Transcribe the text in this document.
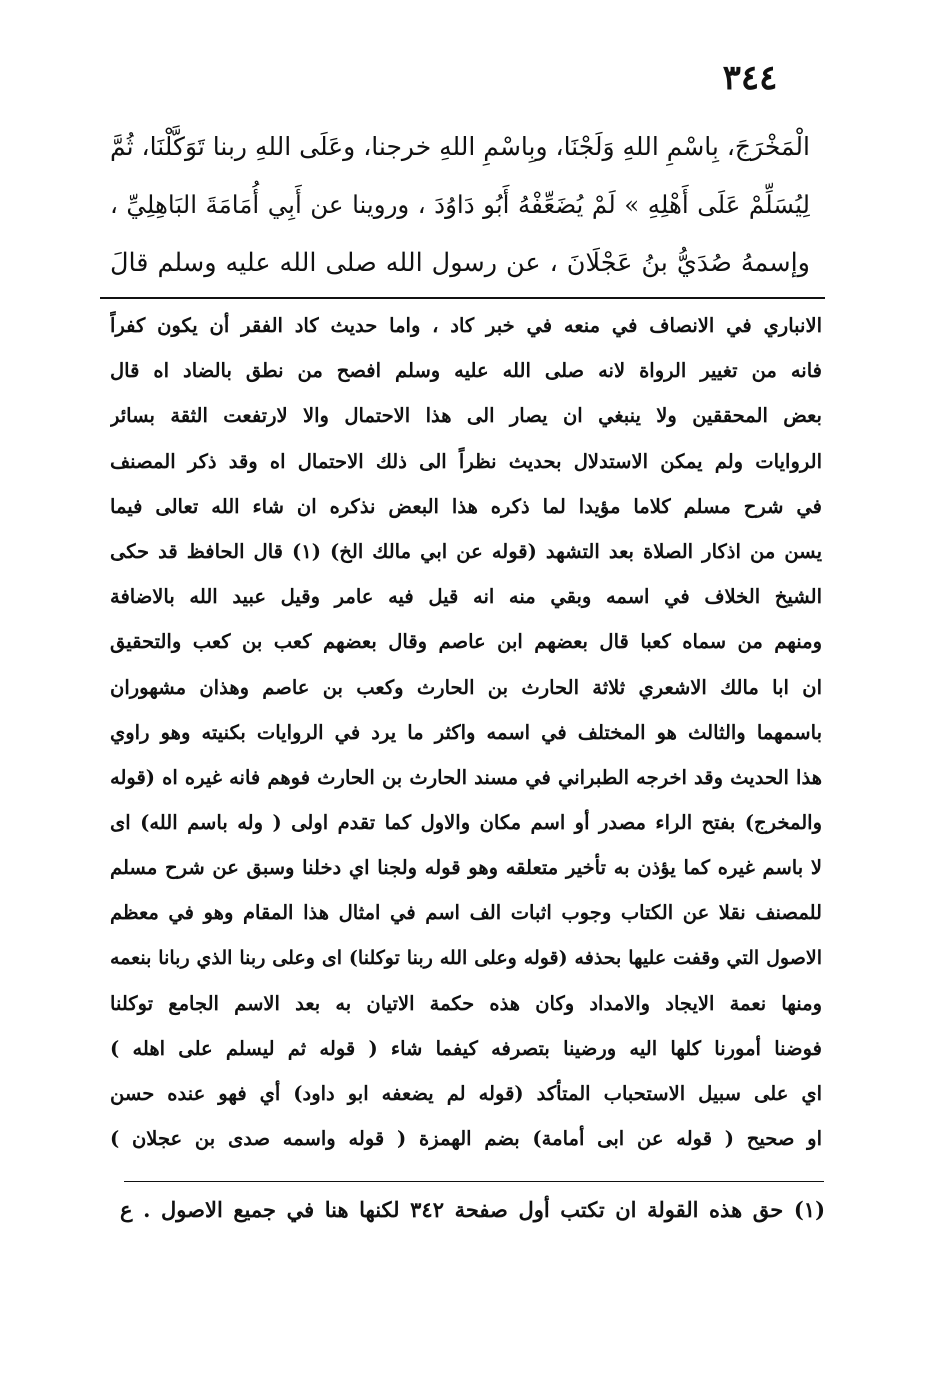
٣٤٤
الْمَخْرَجَ، بِاسْمِ اللهِ وَلَجْنَا، وبِاسْمِ اللهِ خرجنا، وعَلَى اللهِ ربنا تَوَكَّلْنَا، ثُمَّ
لِيُسَلِّمْ عَلَى أَهْلِهِ » لَمْ يُضَعِّفْهُ أَبُو دَاوُدَ ، وروينا عن أَبِي أُمَامَةَ البَاهِلِيِّ ،
وإسمهُ صُدَيُّ بنُ عَجْلَانَ ، عن رسول الله صلى الله عليه وسلم قالَ
الانباري في الانصاف في منعه في خبر كاد ، واما حديث كاد الفقر أن يكون كفراً
فانه من تغيير الرواة لانه صلى الله عليه وسلم افصح من نطق بالضاد اه قال
بعض المحققين ولا ينبغي ان يصار الى هذا الاحتمال والا لارتفعت الثقة بسائر
الروايات ولم يمكن الاستدلال بحديث نظراً الى ذلك الاحتمال اه وقد ذكر المصنف
في شرح مسلم كلاما مؤيدا لما ذكره هذا البعض نذكره ان شاء الله تعالى فيما
يسن من اذكار الصلاة بعد التشهد (قوله عن ابي مالك الخ) (١) قال الحافظ قد حكى
الشيخ الخلاف في اسمه وبقي منه انه قيل فيه عامر وقيل عبيد الله بالاضافة
ومنهم من سماه كعبا قال بعضهم ابن عاصم وقال بعضهم كعب بن كعب والتحقيق
ان ابا مالك الاشعري ثلاثة الحارث بن الحارث وكعب بن عاصم وهذان مشهوران
باسمهما والثالث هو المختلف في اسمه واكثر ما يرد في الروايات بكنيته وهو راوي
هذا الحديث وقد اخرجه الطبراني في مسند الحارث بن الحارث فوهم فانه غيره اه (قوله
والمخرج) بفتح الراء مصدر أو اسم مكان والاول كما تقدم اولى ( وله باسم الله) اى
لا باسم غيره كما يؤذن به تأخير متعلقه وهو قوله ولجنا اي دخلنا وسبق عن شرح مسلم
للمصنف نقلا عن الكتاب وجوب اثبات الف اسم في امثال هذا المقام وهو في معظم
الاصول التي وقفت عليها بحذفه (قوله وعلى الله ربنا توكلنا) اى وعلى ربنا الذي ربانا بنعمه
ومنها نعمة الايجاد والامداد وكان هذه حكمة الاتيان به بعد الاسم الجامع توكلنا
فوضنا أمورنا كلها اليه ورضينا بتصرفه كيفما شاء ( قوله ثم ليسلم على اهله )
اي على سبيل الاستحباب المتأكد (قوله لم يضعفه ابو داود) أي فهو عنده حسن
او صحيح ( قوله عن ابى أمامة) بضم الهمزة ( قوله واسمه صدى بن عجلان )
(١) حق هذه القولة ان تكتب أول صفحة ٣٤٢ لكنها هنا في جميع الاصول . ع
